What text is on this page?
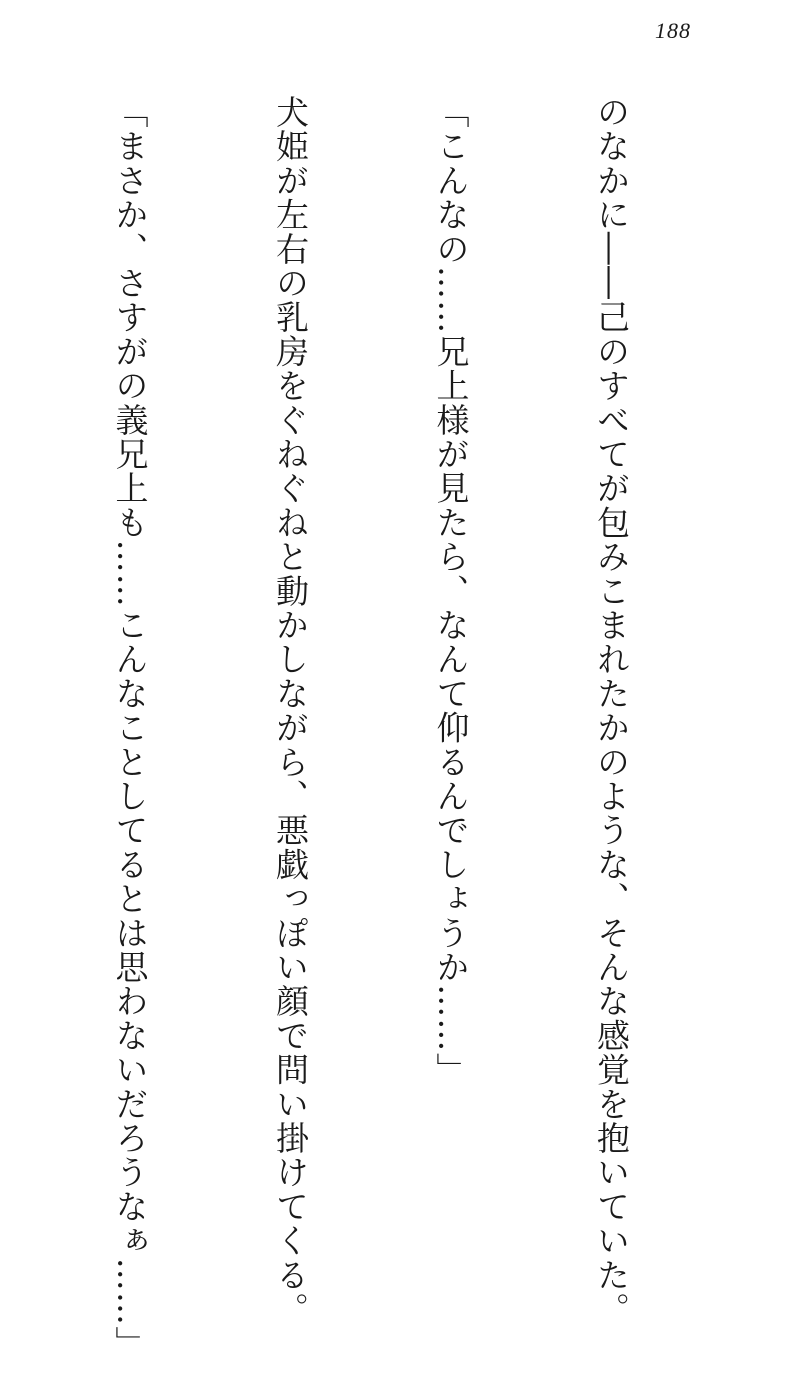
188

のなかに――己のすべてが包みこまれたかのような、そんな感覚を抱いていた。

「こんなの……兄上様が見たら、なんて仰るんでしょうか……」

犬姫が左右の乳房をぐねぐねと動かしながら、悪戯っぽい顔で問い掛けてくる。

「まさか、さすがの義兄上も……こんなことしてるとは思わないだろうなぁ……」
